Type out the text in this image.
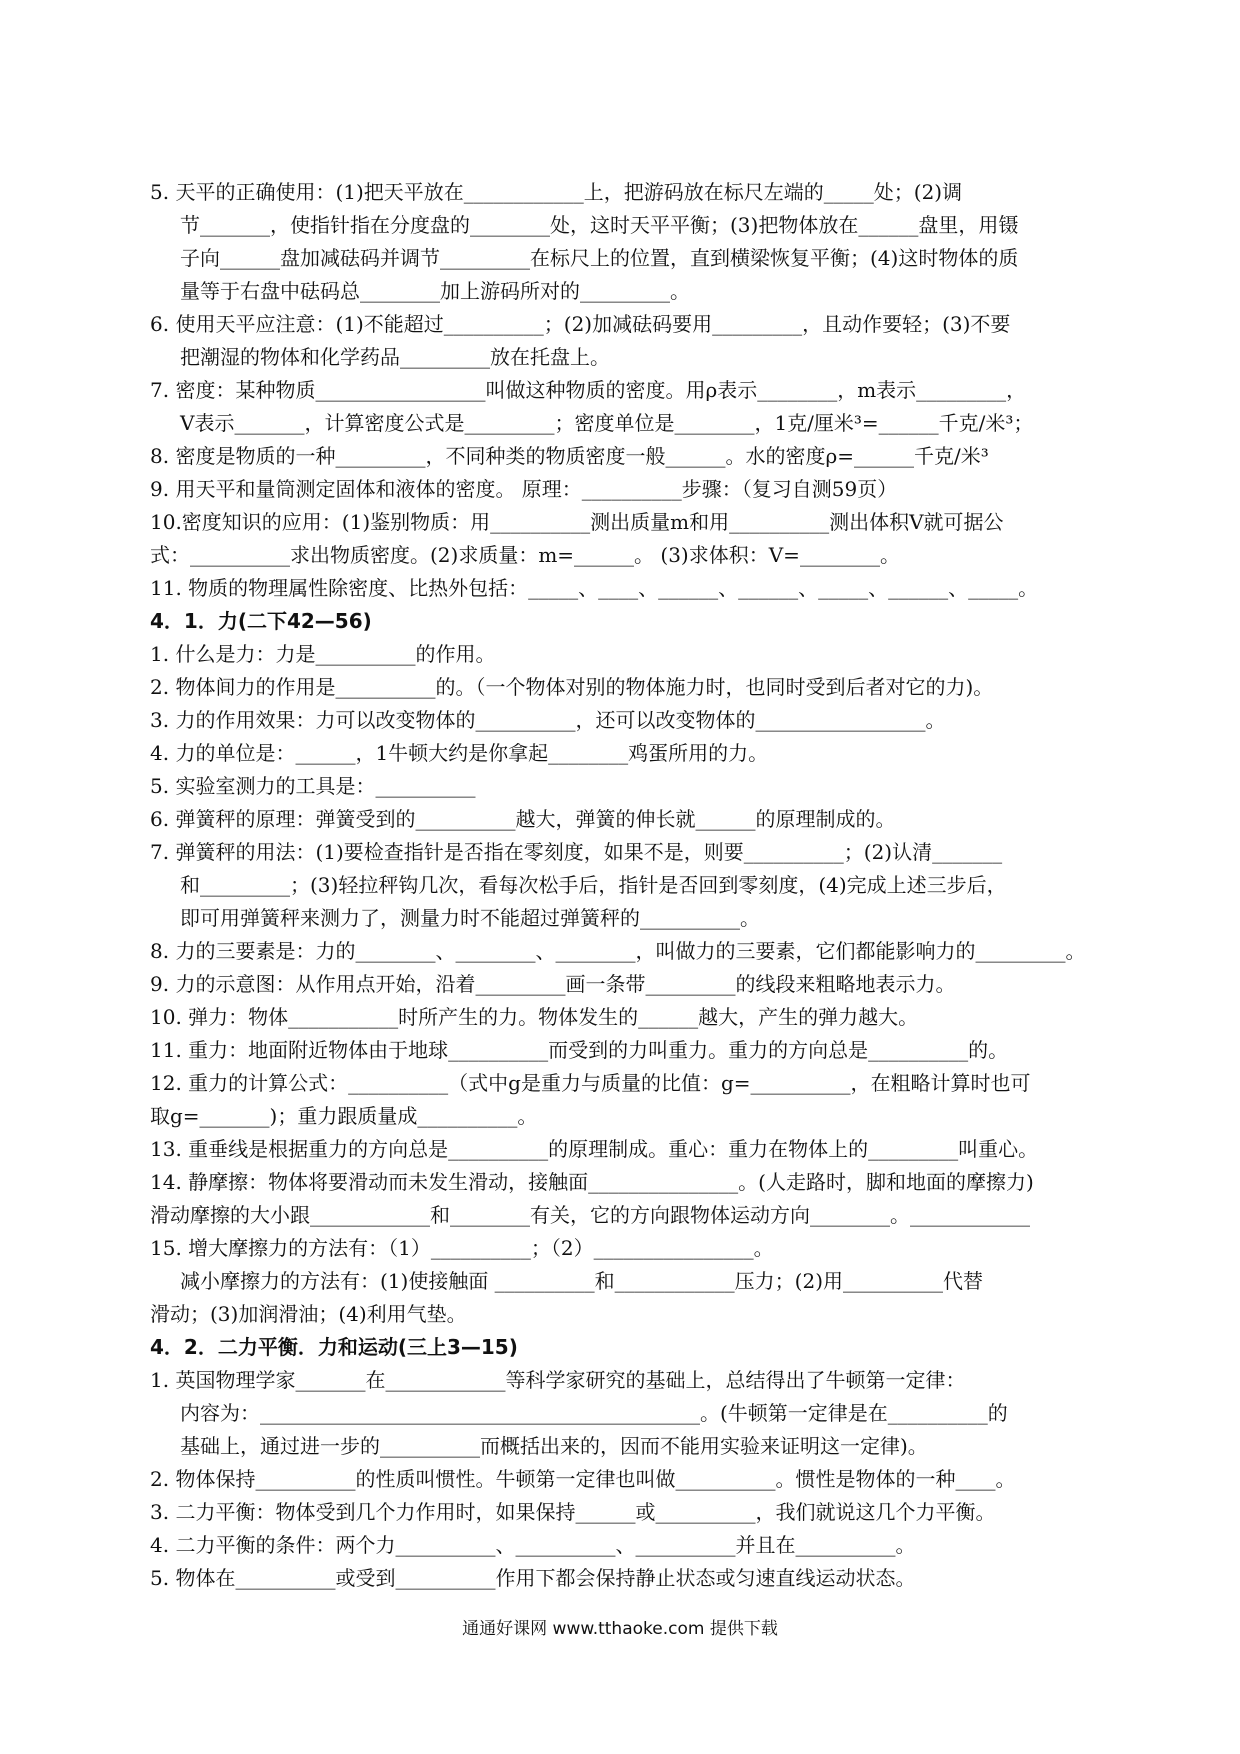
5. 天平的正确使用：(1)把天平放在____________上，把游码放在标尺左端的_____处；(2)调
节_______，使指针指在分度盘的________处，这时天平平衡；(3)把物体放在______盘里，用镊
子向______盘加减砝码并调节_________在标尺上的位置，直到横梁恢复平衡；(4)这时物体的质
量等于右盘中砝码总________加上游码所对的_________。
6. 使用天平应注意：(1)不能超过__________；(2)加减砝码要用_________，且动作要轻；(3)不要
把潮湿的物体和化学药品_________放在托盘上。
7. 密度：某种物质_________________叫做这种物质的密度。用ρ表示________，m表示_________，
V表示_______，计算密度公式是_________；密度单位是________，1克/厘米³=______千克/米³；
8. 密度是物质的一种_________，不同种类的物质密度一般______。水的密度ρ=______千克/米³
9. 用天平和量筒测定固体和液体的密度。 原理：__________步骤：（复习自测59页）
10.密度知识的应用：(1)鉴别物质：用__________测出质量m和用__________测出体积V就可据公
式：__________求出物质密度。(2)求质量：m=______。 (3)求体积：V=________。
11. 物质的物理属性除密度、比热外包括：_____、____、______、______、_____、______、_____。
4．1．力(二下42—56)
1. 什么是力：力是__________的作用。
2. 物体间力的作用是__________的。（一个物体对别的物体施力时，也同时受到后者对它的力)。
3. 力的作用效果：力可以改变物体的__________，还可以改变物体的_________________。
4. 力的单位是：______，1牛顿大约是你拿起________鸡蛋所用的力。
5. 实验室测力的工具是：__________
6. 弹簧秤的原理：弹簧受到的__________越大，弹簧的伸长就______的原理制成的。
7. 弹簧秤的用法：(1)要检查指针是否指在零刻度，如果不是，则要__________；(2)认清_______
和_________；(3)轻拉秤钩几次，看每次松手后，指针是否回到零刻度，(4)完成上述三步后，
即可用弹簧秤来测力了，测量力时不能超过弹簧秤的__________。
8. 力的三要素是：力的________、________、________，叫做力的三要素，它们都能影响力的_________。
9. 力的示意图：从作用点开始，沿着_________画一条带_________的线段来粗略地表示力。
10. 弹力：物体___________时所产生的力。物体发生的______越大，产生的弹力越大。
11. 重力：地面附近物体由于地球__________而受到的力叫重力。重力的方向总是__________的。
12. 重力的计算公式：__________（式中g是重力与质量的比值：g=__________，在粗略计算时也可
取g=_______)；重力跟质量成__________。
13. 重垂线是根据重力的方向总是__________的原理制成。重心：重力在物体上的_________叫重心。
14. 静摩擦：物体将要滑动而未发生滑动，接触面_______________。(人走路时，脚和地面的摩擦力)
滑动摩擦的大小跟____________和________有关，它的方向跟物体运动方向________。____________
15. 增大摩擦力的方法有：（1）__________；（2）________________。
减小摩擦力的方法有：(1)使接触面 __________和____________压力；(2)用__________代替
滑动；(3)加润滑油；(4)利用气垫。
4．2．二力平衡．力和运动(三上3—15)
1. 英国物理学家_______在____________等科学家研究的基础上，总结得出了牛顿第一定律：
内容为：____________________________________________。(牛顿第一定律是在__________的
基础上，通过进一步的__________而概括出来的，因而不能用实验来证明这一定律)。
2. 物体保持__________的性质叫惯性。牛顿第一定律也叫做__________。惯性是物体的一种____。
3. 二力平衡：物体受到几个力作用时，如果保持______或__________，我们就说这几个力平衡。
4. 二力平衡的条件：两个力__________、__________、__________并且在__________。
5. 物体在__________或受到__________作用下都会保持静止状态或匀速直线运动状态。
通通好课网 www.tthaoke.com 提供下载
